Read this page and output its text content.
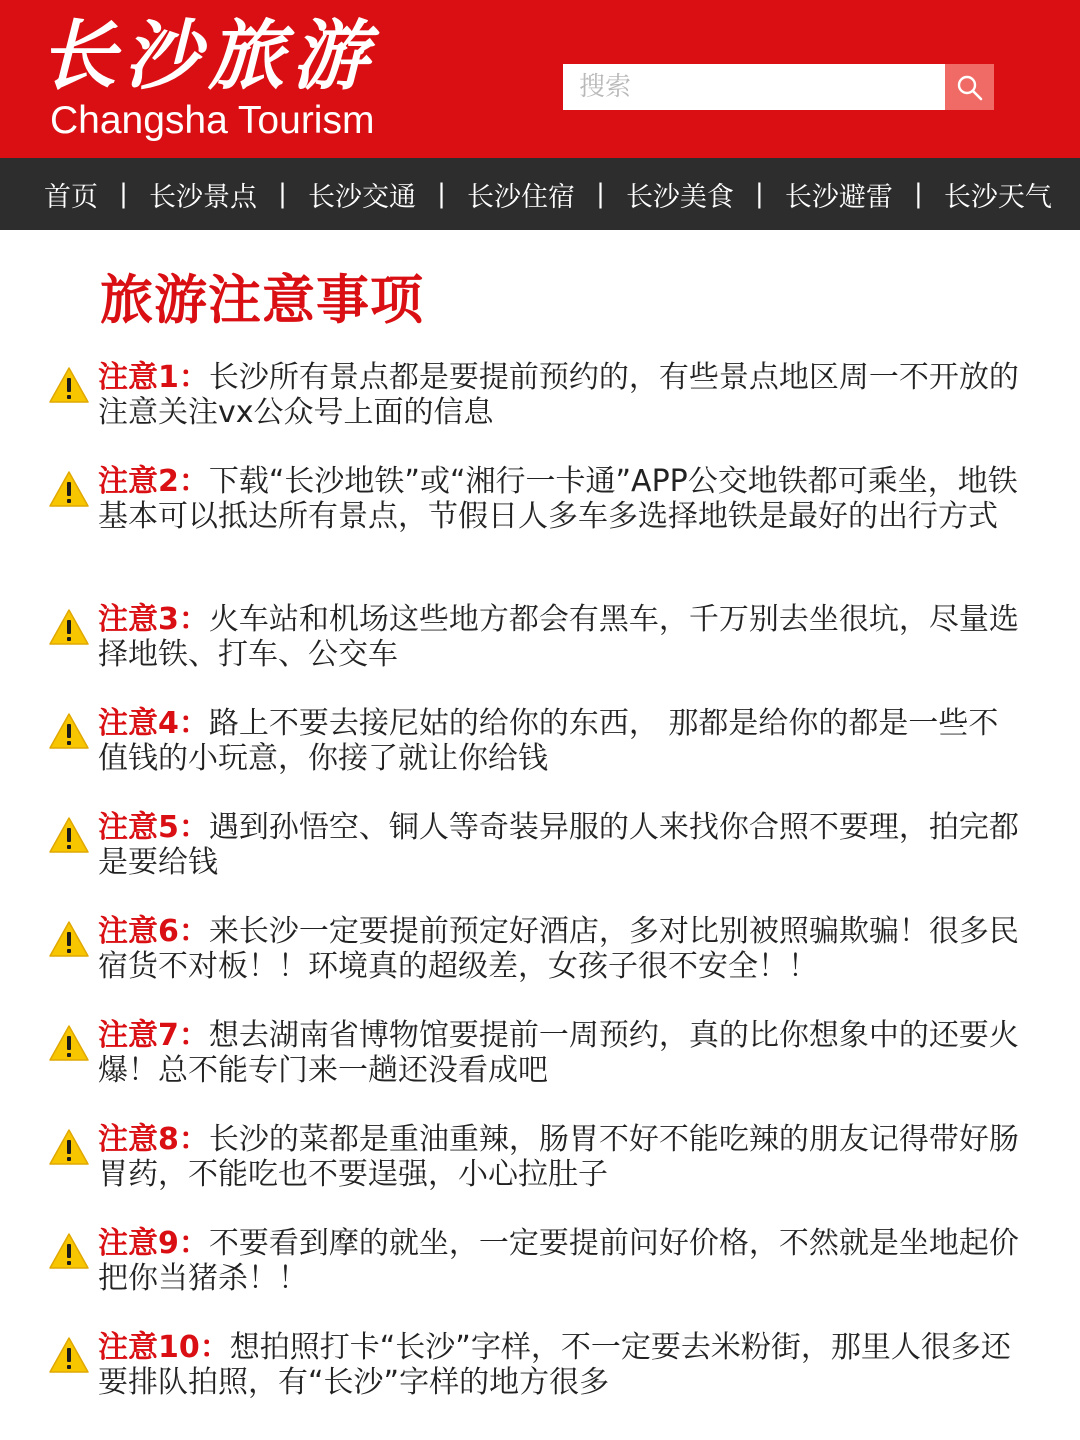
长沙旅游
Changsha Tourism
搜索
首页 | 长沙景点 | 长沙交通 | 长沙住宿 | 长沙美食 | 长沙避雷 | 长沙天气
旅游注意事项
注意1：长沙所有景点都是要提前预约的，有些景点地区周一不开放的注意关注vx公众号上面的信息
注意2：下载“长沙地铁”或“湘行一卡通”APP公交地铁都可乘坐，地铁基本可以抵达所有景点，节假日人多车多选择地铁是最好的出行方式
注意3：火车站和机场这些地方都会有黑车，千万别去坐很坑，尽量选择地铁、打车、公交车
注意4：路上不要去接尼姑的给你的东西， 那都是给你的都是一些不值钱的小玩意，你接了就让你给钱
注意5：遇到孙悟空、铜人等奇装异服的人来找你合照不要理，拍完都是要给钱
注意6：来长沙一定要提前预定好酒店，多对比别被照骗欺骗！很多民宿货不对板！！环境真的超级差，女孩子很不安全！！
注意7：想去湖南省博物馆要提前一周预约，真的比你想象中的还要火爆！总不能专门来一趟还没看成吧
注意8：长沙的菜都是重油重辣，肠胃不好不能吃辣的朋友记得带好肠胃药，不能吃也不要逞强，小心拉肚子
注意9：不要看到摩的就坐，一定要提前问好价格，不然就是坐地起价把你当猪杀！！
注意10：想拍照打卡“长沙”字样，不一定要去米粉街，那里人很多还要排队拍照，有“长沙”字样的地方很多
